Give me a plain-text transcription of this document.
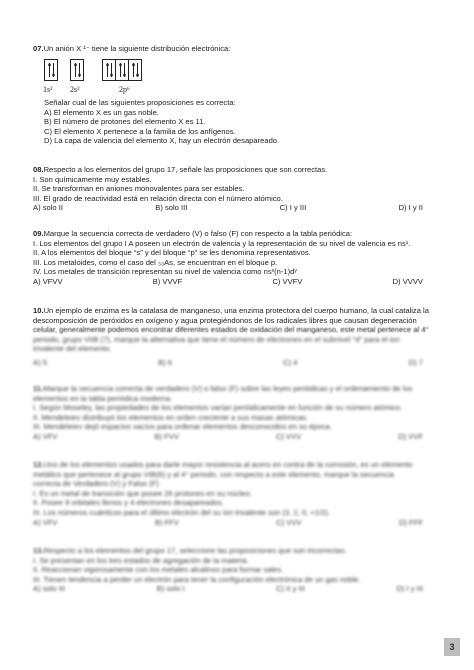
07.Un anión X ¹⁻ tiene la siguiente distribución electrónica:

1s² 2s²	2p⁶

Señalar cual de las siguientes proposiciones es correcta:

A) El elemento X es un gas noble.

B) El número de protones del elemento X es 11.

C) El elemento X pertenece a la familia de los anfígenos.

D) La capa de valencia del elemento X, hay un electrón desapareado.

08.Respecto a los elementos del grupo 17, señale las proposiciones que son correctas.

I. Son químicamente muy estables.

II. Se transforman en aniones monovalentes para ser estables.

III. El grado de reactividad está en relación directa con el número atómico.

A) solo II	B) solo III	C) I y III	D) I y II

09.Marque la secuencia correcta de verdadero (V) o falso (F) con respecto a la tabla periódica:

I. Los elementos del grupo I A poseen un electrón de valencia y la representación de su nivel de valencia es ns¹.

II. A los elementos del bloque “s” y del bloque “p” se les denomina representativos.

III. Los metaloides, como el caso del ₃₃As, se encuentran en el bloque p.

IV. Los metales de transición representan su nivel de valencia como nsˣ(n-1)dʸ

A) VFVV	B) VVVF	C) VVFV	D) VVVV

10.Un ejemplo de enzima es la catalasa de manganeso, una enzima protectora del cuerpo humano, la cual cataliza la

descomposición de peróxidos en oxígeno y agua protegiéndonos de los radicales libres que causan degeneración

celular, generalmente podemos encontrar diferentes estados de oxidación del manganeso, este metal pertenece al 4°

periodo, grupo VIIB (7), marque la alternativa que tiene el número de electrones en el subnivel "d" para el ion

trivalente del elemento.

A) 5	B) 6	C) 4	D) 7

11.Marque la secuencia correcta de verdadero (V) o falso (F) sobre las leyes periódicas y el ordenamiento de los

elementos en la tabla periódica moderna.

I. Según Moseley, las propiedades de los elementos varían periódicamente en función de su número atómico.

II. Mendeleiev distribuyó los elementos en orden creciente a sus masas atómicas.

III. Mendeleiev dejó espacios vacíos para ordenar elementos desconocidos en su época.

A) VFV	B) FVV	C) VVV	D) VVF

12.Uno de los elementos usados para darle mayor resistencia al acero en contra de la corrosión, es un elemento

metálico que pertenece al grupo VIB(6) y al 4° periodo, con respecto a este elemento, marque la secuencia

correcta de Verdadero (V) y Falso (F)

I. Es un metal de transición que posee 26 protones en su núcleo.

II. Posee 9 orbitales llenos y 4 electrones desapareados.

III. Los números cuánticos para el último electrón del su ion trivalente son (3, 2, 0, +1/2).

A) VFV	B) FFV	C) VVV	D) FFF

13.Respecto a los elementos del grupo 17, seleccione las proposiciones que son incorrectas.

I. Se presentan en los tres estados de agregación de la materia.

II. Reaccionan vigorosamente con los metales alcalinos para formar sales.

III. Tienen tendencia a perder un electrón para tener la configuración electrónica de un gas noble.

A) solo III	B) solo I	C) II y III	D) I y III
3
